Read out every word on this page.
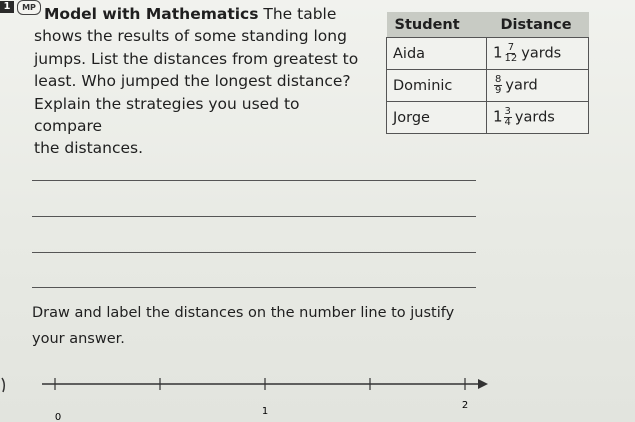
1	MP Model with Mathematics The table
shows the results of some standing long
jumps. List the distances from greatest to
least. Who jumped the longest distance?
Explain the strategies you used to compare
the distances.
Student	Distance
Aida	$1 \frac{7}{12}$ yards
Dominic	$\frac{8}{9}$ yard
Jorge	$1 \frac{3}{4}$ yards
Draw and label the distances on the number line to justify
your answer.
0
1
2
